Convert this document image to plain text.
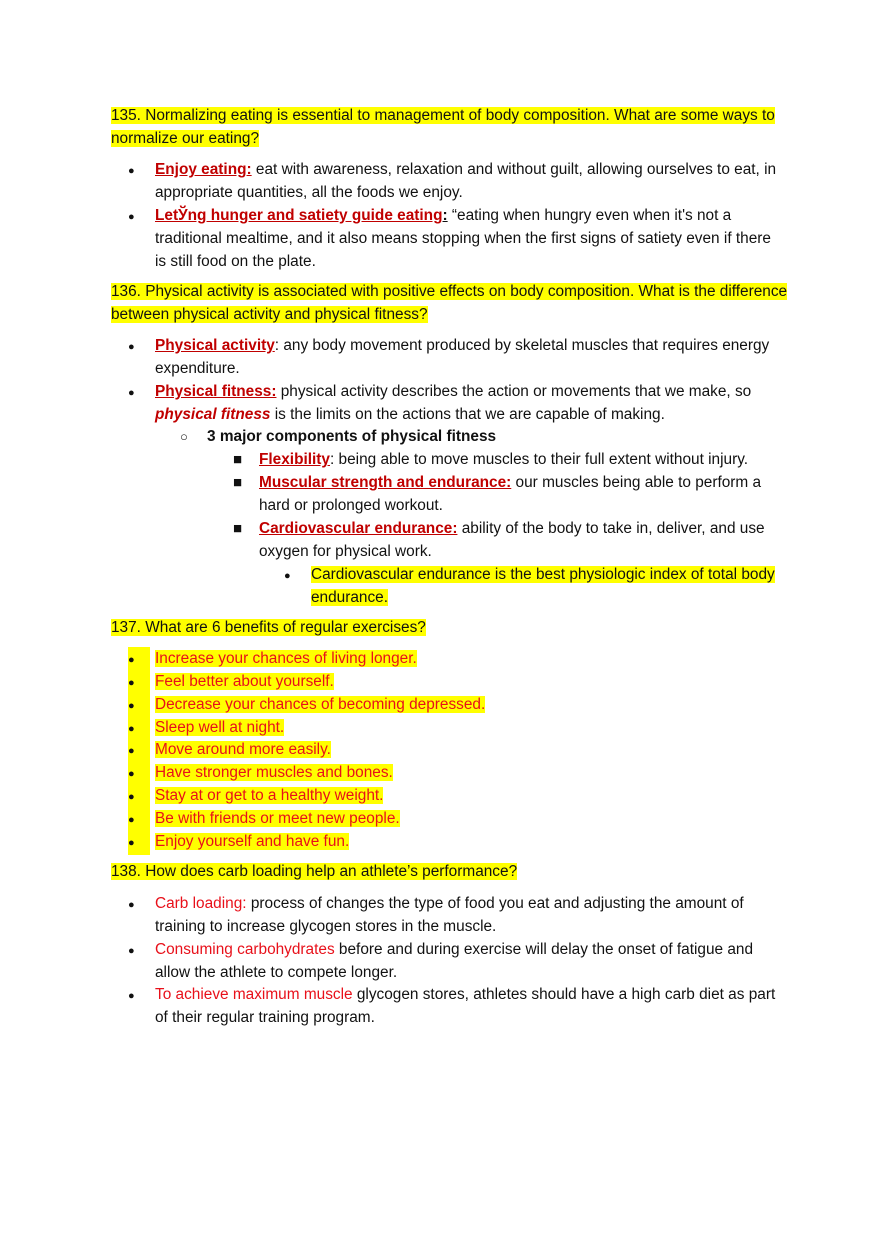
135. Normalizing eating is essential to management of body composition. What are some ways to normalize our eating?

●
Enjoy eating: eat with awareness, relaxation and without guilt, allowing ourselves to eat, in appropriate quantities, all the foods we enjoy.
●
LetЎng hunger and satiety guide eating: “eating when hungry even when it's not a traditional mealtime, and it also means stopping when the first signs of satiety even if there is still food on the plate.

136. Physical activity is associated with positive effects on body composition. What is the difference between physical activity and physical fitness?

●
Physical activity: any body movement produced by skeletal muscles that requires energy expenditure.
●
Physical fitness: physical activity describes the action or movements that we make, so physical fitness is the limits on the actions that we are capable of making.
○
3 major components of physical fitness
■
Flexibility: being able to move muscles to their full extent without injury.
■
Muscular strength and endurance: our muscles being able to perform a hard or prolonged workout.
■
Cardiovascular endurance: ability of the body to take in, deliver, and use oxygen for physical work.
●
Cardiovascular endurance is the best physiologic index of total body endurance.

137. What are 6 benefits of regular exercises?

●
Increase your chances of living longer.
●
Feel better about yourself.
●
Decrease your chances of becoming depressed.
●
Sleep well at night.
●
Move around more easily.
●
Have stronger muscles and bones.
●
Stay at or get to a healthy weight.
●
Be with friends or meet new people.
●
Enjoy yourself and have fun.

138. How does carb loading help an athlete’s performance?

●
Carb loading: process of changes the type of food you eat and adjusting the amount of training to increase glycogen stores in the muscle.
●
Consuming carbohydrates before and during exercise will delay the onset of fatigue and allow the athlete to compete longer.
●
To achieve maximum muscle glycogen stores, athletes should have a high carb diet as part of their regular training program.
